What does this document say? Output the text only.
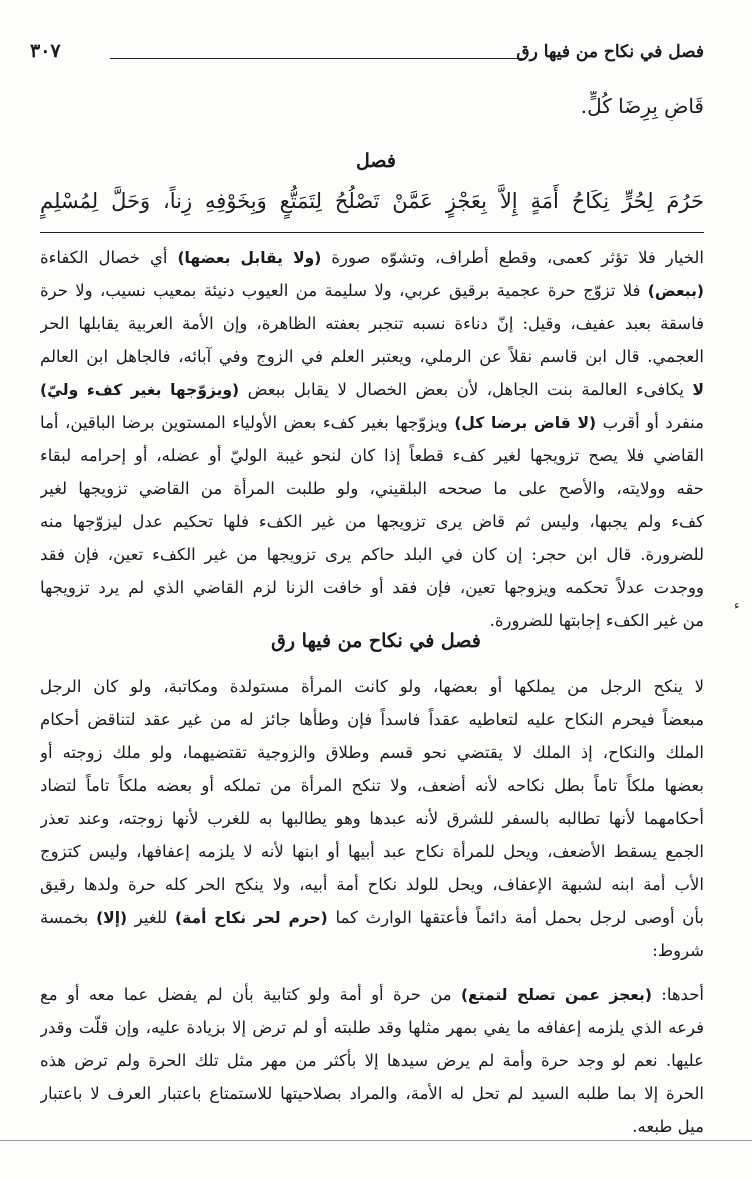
فصل في نكاح من فيها رق
٣٠٧
قَاضٍ بِرِضَا كُلٍّ.
فصل
حَرُمَ لِحُرٍّ نِكَاحُ أَمَةٍ إِلاَّ بِعَجْزٍ عَمَّنْ تَصْلُحُ لِتَمَتُّعٍ وَبِخَوْفِهِ زِناً، وَحَلَّ لِمُسْلِمٍ
الخيار فلا تؤثر كعمى، وقطع أطراف، وتشوّه صورة (ولا يقابل بعضها) أي خصال الكفاءة
(ببعض) فلا تزوّج حرة عجمية برقيق عربي، ولا سليمة من العيوب دنيئة بمعيب نسيب، ولا حرة
فاسقة بعبد عفيف، وقيل: إنّ دناءة نسبه تنجبر بعفته الظاهرة، وإن الأمة العربية يقابلها الحر
العجمي. قال ابن قاسم نقلاً عن الرملي، ويعتبر العلم في الزوج وفي آبائه، فالجاهل ابن العالم
لا يكافىء العالمة بنت الجاهل، لأن بعض الخصال لا يقابل ببعض (ويزوّجها بغير كفء وليّ)
منفرد أو أقرب (لا قاض برضا كل) ويزوّجها بغير كفء بعض الأولياء المستوين برضا الباقين، أما
القاضي فلا يصح تزويجها لغير كفء قطعاً إذا كان لنحو غيبة الوليّ أو عضله، أو إحرامه لبقاء
حقه وولايته، والأصح على ما صححه البلقيني، ولو طلبت المرأة من القاضي تزويجها لغير
كفء ولم يجبها، وليس ثم قاض يرى تزويجها من غير الكفء فلها تحكيم عدل ليزوّجها منه
للضرورة. قال ابن حجر: إن كان في البلد حاكم يرى تزويجها من غير الكفء تعين، فإن فقد
ووجدت عدلاً تحكمه ويزوجها تعين، فإن فقد أو خافت الزنا لزم القاضي الذي لم يرد تزويجها
من غير الكفء إجابتها للضرورة.
ء
فصل في نكاح من فيها رق
لا ينكح الرجل من يملكها أو بعضها، ولو كانت المرأة مستولدة ومكاتبة، ولو كان الرجل
مبعضاً فيحرم النكاح عليه لتعاطيه عقداً فاسداً فإن وطأها جائز له من غير عقد لتناقض أحكام
الملك والنكاح، إذ الملك لا يقتضي نحو قسم وطلاق والزوجية تقتضيهما، ولو ملك زوجته أو
بعضها ملكاً تاماً بطل نكاحه لأنه أضعف، ولا تنكح المرأة من تملكه أو بعضه ملكاً تاماً لتضاد
أحكامهما لأنها تطالبه بالسفر للشرق لأنه عبدها وهو يطالبها به للغرب لأنها زوجته، وعند تعذر
الجمع يسقط الأضعف، ويحل للمرأة نكاح عبد أبيها أو ابنها لأنه لا يلزمه إعفافها، وليس كتزوج
الأب أمة ابنه لشبهة الإعفاف، ويحل للولد نكاح أمة أبيه، ولا ينكح الحر كله حرة ولدها رقيق
بأن أوصى لرجل بحمل أمة دائماً فأعتقها الوارث كما (حرم لحر نكاح أمة) للغير (إلا) بخمسة
شروط:
أحدها: (بعجز عمن تصلح لتمتع) من حرة أو أمة ولو كتابية بأن لم يفضل عما معه أو مع
فرعه الذي يلزمه إعفافه ما يفي بمهر مثلها وقد طلبته أو لم ترض إلا بزيادة عليه، وإن قلّت وقدر
عليها. نعم لو وجد حرة وأمة لم يرض سيدها إلا بأكثر من مهر مثل تلك الحرة ولم ترض هذه
الحرة إلا بما طلبه السيد لم تحل له الأمة، والمراد بصلاحيتها للاستمتاع باعتبار العرف لا باعتبار
ميل طبعه.
